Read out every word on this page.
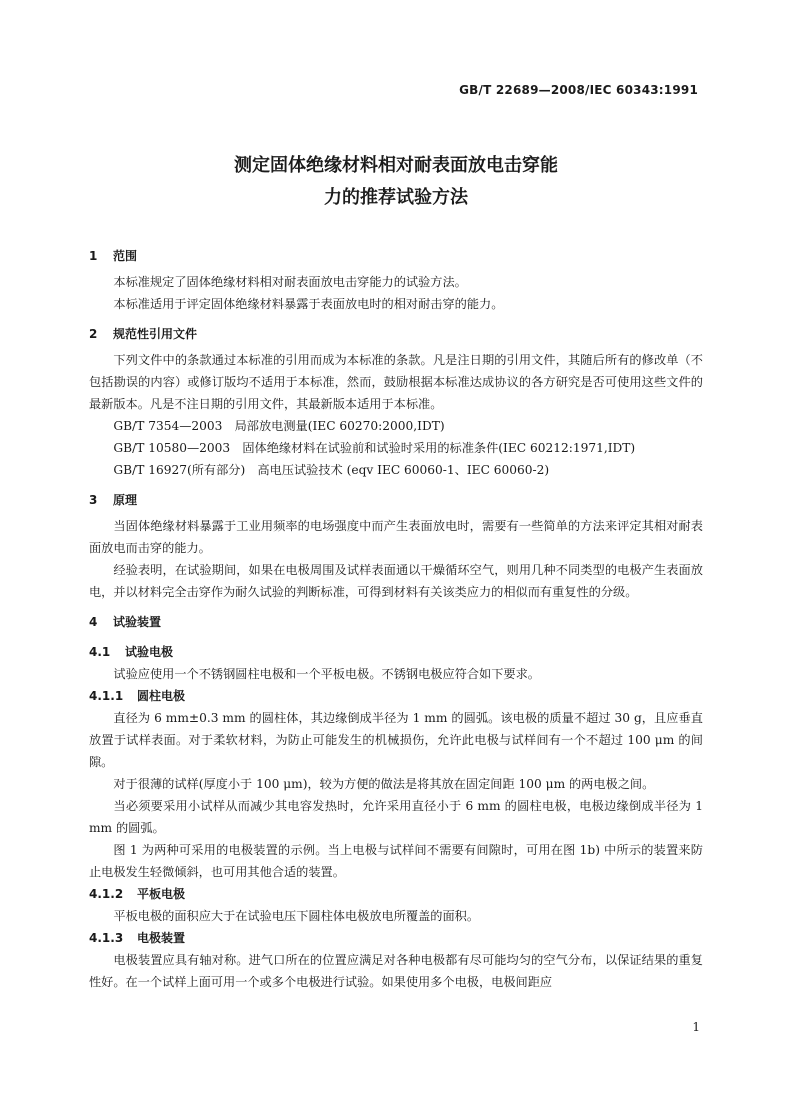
GB/T 22689—2008/IEC 60343:1991
测定固体绝缘材料相对耐表面放电击穿能
力的推荐试验方法
1 范围

本标准规定了固体绝缘材料相对耐表面放电击穿能力的试验方法。

本标准适用于评定固体绝缘材料暴露于表面放电时的相对耐击穿的能力。

2 规范性引用文件

下列文件中的条款通过本标准的引用而成为本标准的条款。凡是注日期的引用文件，其随后所有的修改单（不包括勘误的内容）或修订版均不适用于本标准，然而，鼓励根据本标准达成协议的各方研究是否可使用这些文件的最新版本。凡是不注日期的引用文件，其最新版本适用于本标准。

GB/T 7354—2003　局部放电测量(IEC 60270:2000,IDT)
GB/T 10580—2003　固体绝缘材料在试验前和试验时采用的标准条件(IEC 60212:1971,IDT)
GB/T 16927(所有部分)　高电压试验技术 (eqv IEC 60060-1、IEC 60060-2)
3 原理

当固体绝缘材料暴露于工业用频率的电场强度中而产生表面放电时，需要有一些简单的方法来评定其相对耐表面放电而击穿的能力。

经验表明，在试验期间，如果在电极周围及试样表面通以干燥循环空气，则用几种不同类型的电极产生表面放电，并以材料完全击穿作为耐久试验的判断标准，可得到材料有关该类应力的相似而有重复性的分级。

4 试验装置
4.1 试验电极

试验应使用一个不锈钢圆柱电极和一个平板电极。不锈钢电极应符合如下要求。

4.1.1 圆柱电极

直径为 6 mm±0.3 mm 的圆柱体，其边缘倒成半径为 1 mm 的圆弧。该电极的质量不超过 30 g，且应垂直放置于试样表面。对于柔软材料，为防止可能发生的机械损伤，允许此电极与试样间有一个不超过 100 μm 的间隙。

对于很薄的试样(厚度小于 100 μm)，较为方便的做法是将其放在固定间距 100 μm 的两电极之间。

当必须要采用小试样从而减少其电容发热时，允许采用直径小于 6 mm 的圆柱电极，电极边缘倒成半径为 1 mm 的圆弧。

图 1 为两种可采用的电极装置的示例。当上电极与试样间不需要有间隙时，可用在图 1b) 中所示的装置来防止电极发生轻微倾斜，也可用其他合适的装置。

4.1.2 平板电极

平板电极的面积应大于在试验电压下圆柱体电极放电所覆盖的面积。

4.1.3 电极装置

电极装置应具有轴对称。进气口所在的位置应满足对各种电极都有尽可能均匀的空气分布，以保证结果的重复性好。在一个试样上面可用一个或多个电极进行试验。如果使用多个电极，电极间距应

1
